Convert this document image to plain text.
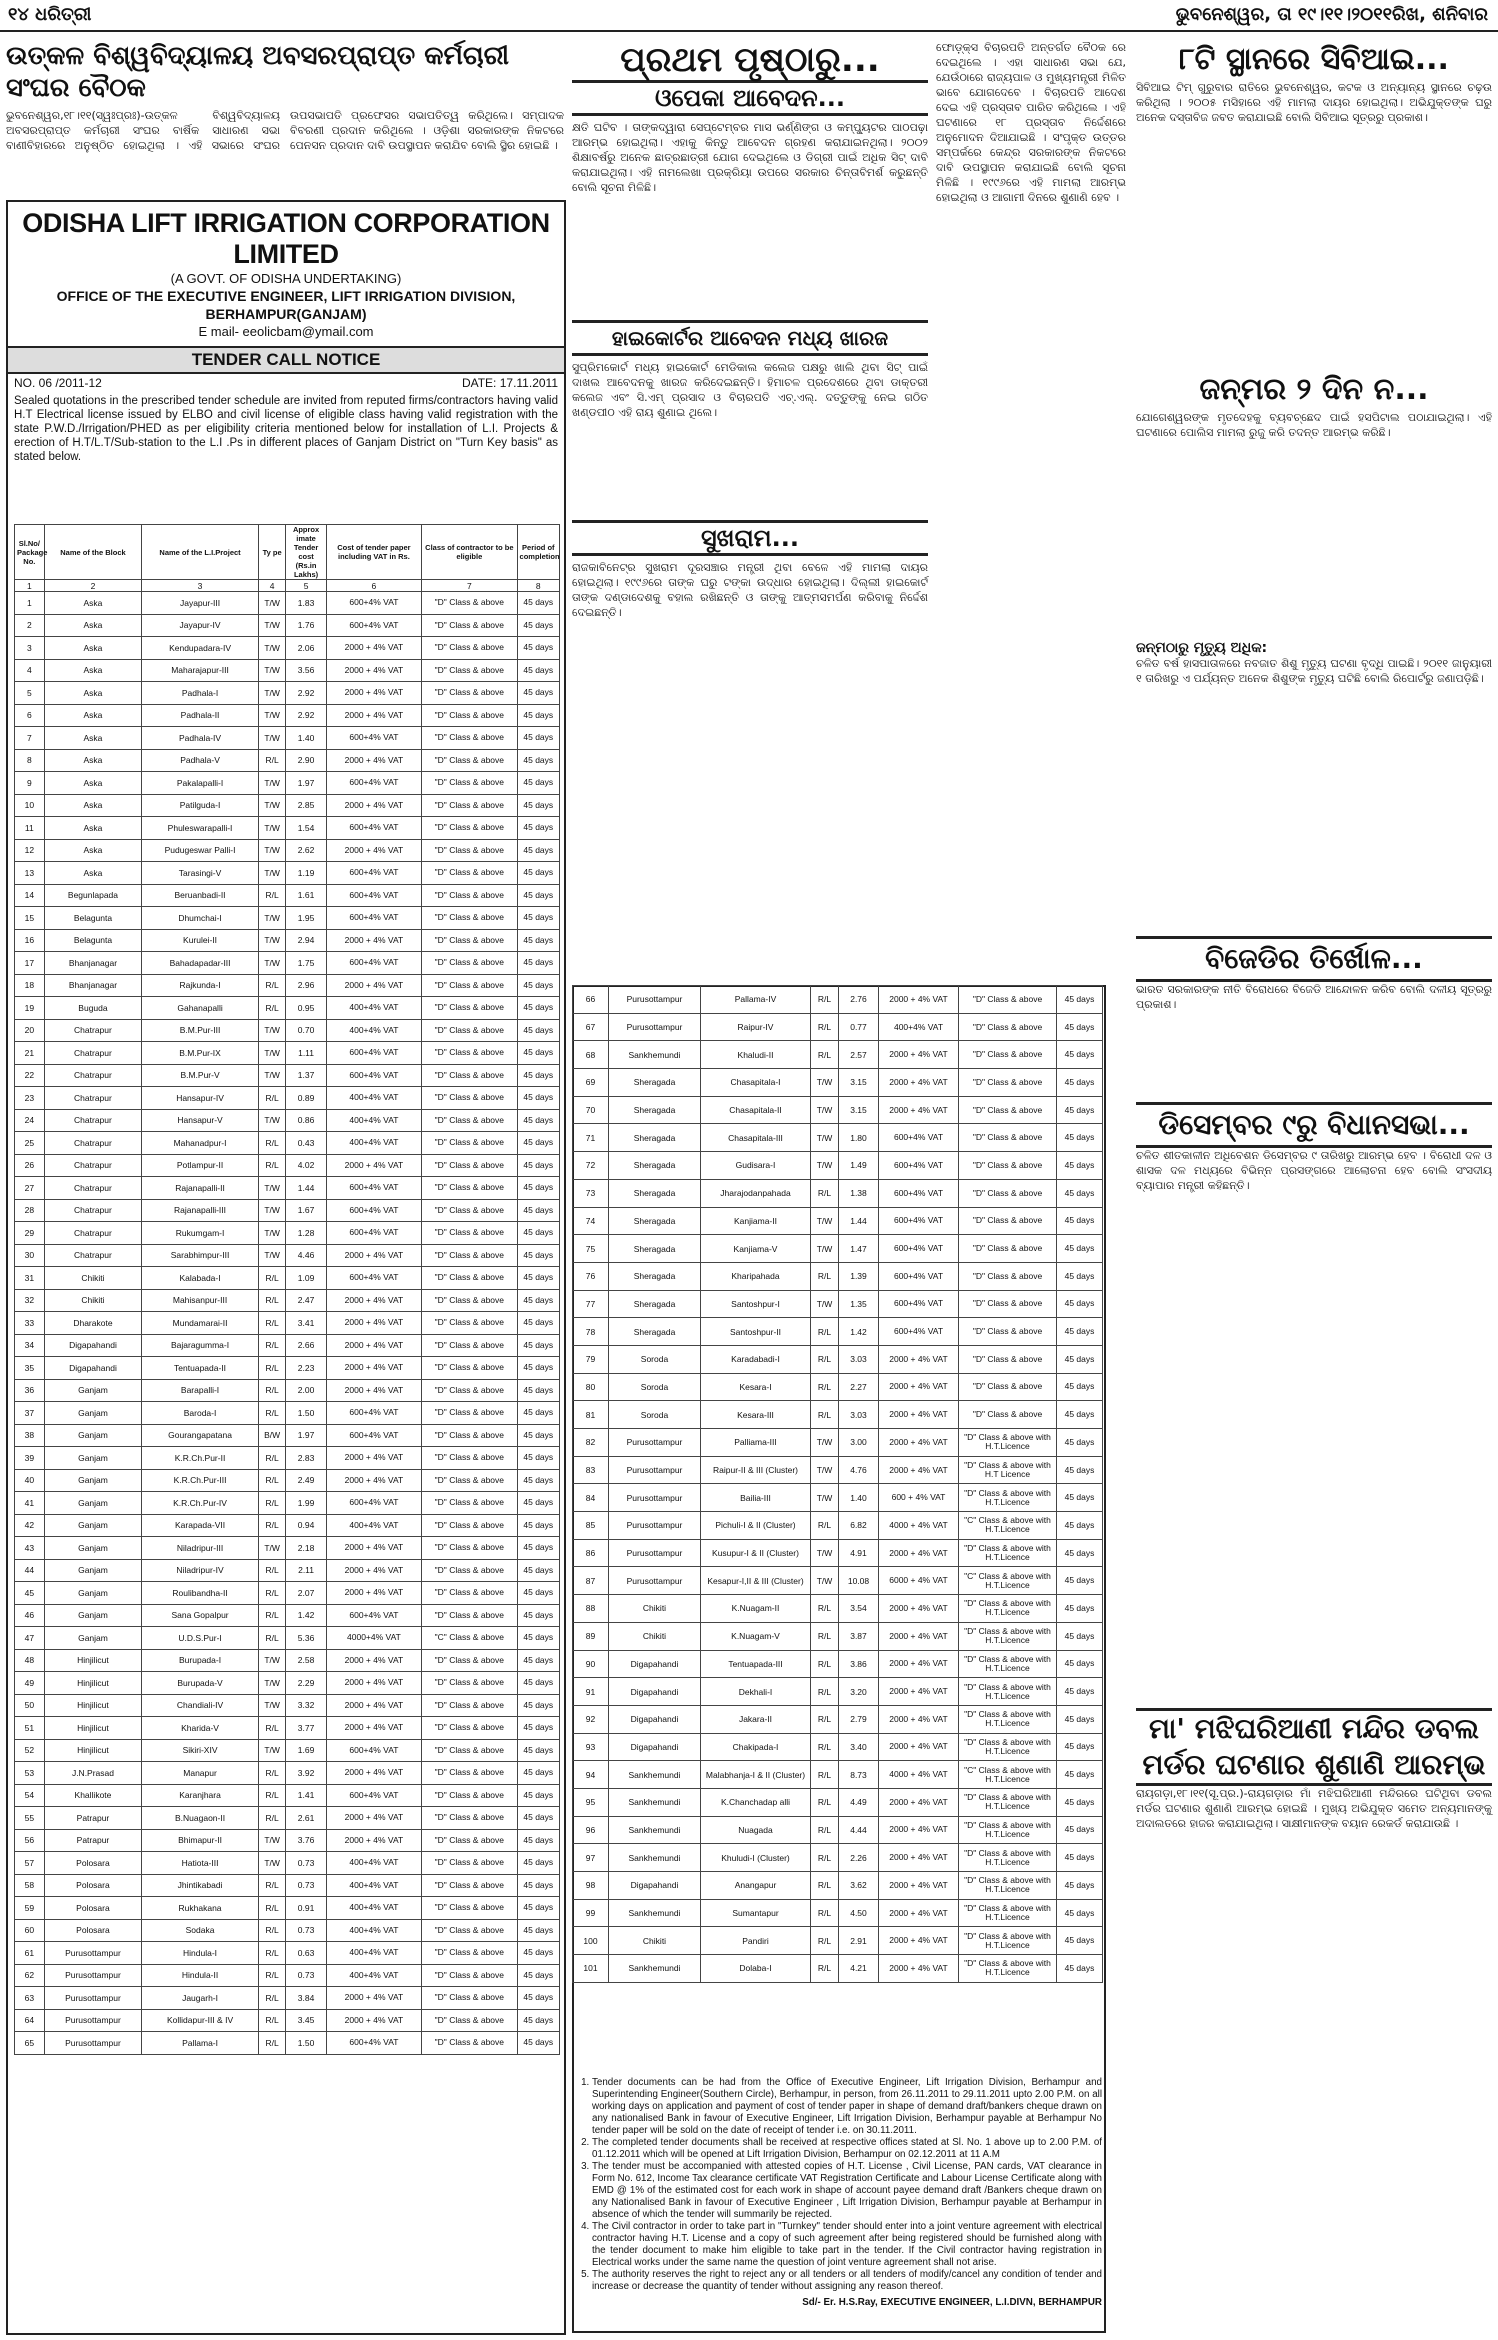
୧୪ ଧରିତ୍ରୀ	ଭୁବନେଶ୍ୱର, ତା ୧୯।୧୧।୨୦୧୧ରିଖ, ଶନିବାର
ଉତ୍କଳ ବିଶ୍ୱବିଦ୍ୟାଳୟ ଅବସରପ୍ରାପ୍ତ କର୍ମଚାରୀ ସଂଘର ବୈଠକ
ଭୁବନେଶ୍ୱର,୧୮।୧୧(ସ୍ୱଃପ୍ରଃ)-ଉତ୍କଳ ବିଶ୍ୱବିଦ୍ୟାଳୟ ଅବସରପ୍ରାପ୍ତ କର୍ମଚାରୀ ସଂଘର ବାର୍ଷିକ ସାଧାରଣ ସଭା ବାଣୀବିହାରରେ ଅନୁଷ୍ଠିତ ହୋଇଥିଲା । ଏହି ସଭାରେ ସଂଘର ଉପସଭାପତି ପ୍ରଫେସର ସଭାପତିତ୍ୱ କରିଥିଲେ। ସମ୍ପାଦକ ବିବରଣୀ ପ୍ରଦାନ କରିଥିଲେ । ଓଡ଼ିଶା ସରକାରଙ୍କ ନିକଟରେ ପେନସନ ପ୍ରଦାନ ଦାବି ଉପସ୍ଥାପନ କରାଯିବ ବୋଲି ସ୍ଥିର ହୋଇଛି ।
ODISHA LIFT IRRIGATION CORPORATION LIMITED
(A GOVT. OF ODISHA UNDERTAKING)
OFFICE OF THE EXECUTIVE ENGINEER, LIFT IRRIGATION DIVISION, BERHAMPUR(GANJAM)
E mail- eeolicbam@ymail.com
TENDER CALL NOTICE
NO. 06 /2011-12	DATE: 17.11.2011
Sealed quotations in the prescribed tender schedule are invited from reputed firms/contractors having valid H.T Electrical license issued by ELBO and civil license of eligible class having valid registration with the state P.W.D./Irrigation/PHED as per eligibility criteria mentioned below for installation of L.I. Projects & erection of H.T/L.T/Sub-station to the L.I .Ps in different places of Ganjam District on "Turn Key basis" as stated below.
Sl.No/ Package No.	Name of the Block	Name of the L.I.Project	Ty pe	Approx imate Tender cost (Rs.in Lakhs)	Cost of tender paper including VAT in Rs.	Class of contractor to be eligible	Period of completion
1	2	3	4	5	6	7	8
1	Aska	Jayapur-III	T/W	1.83	600+4% VAT	"D" Class & above	45 days
2	Aska	Jayapur-IV	T/W	1.76	600+4% VAT	"D" Class & above	45 days
3	Aska	Kendupadara-IV	T/W	2.06	2000 + 4% VAT	"D" Class & above	45 days
4	Aska	Maharajapur-III	T/W	3.56	2000 + 4% VAT	"D" Class & above	45 days
5	Aska	Padhala-I	T/W	2.92	2000 + 4% VAT	"D" Class & above	45 days
6	Aska	Padhala-II	T/W	2.92	2000 + 4% VAT	"D" Class & above	45 days
7	Aska	Padhala-IV	T/W	1.40	600+4% VAT	"D" Class & above	45 days
8	Aska	Padhala-V	R/L	2.90	2000 + 4% VAT	"D" Class & above	45 days
9	Aska	Pakalapalli-I	T/W	1.97	600+4% VAT	"D" Class & above	45 days
10	Aska	Patilguda-I	T/W	2.85	2000 + 4% VAT	"D" Class & above	45 days
11	Aska	Phuleswarapalli-I	T/W	1.54	600+4% VAT	"D" Class & above	45 days
12	Aska	Pudugeswar Palli-I	T/W	2.62	2000 + 4% VAT	"D" Class & above	45 days
13	Aska	Tarasingi-V	T/W	1.19	600+4% VAT	"D" Class & above	45 days
14	Begunlapada	Beruanbadi-II	R/L	1.61	600+4% VAT	"D" Class & above	45 days
15	Belagunta	Dhumchai-I	T/W	1.95	600+4% VAT	"D" Class & above	45 days
16	Belagunta	Kurulei-II	T/W	2.94	2000 + 4% VAT	"D" Class & above	45 days
17	Bhanjanagar	Bahadapadar-III	T/W	1.75	600+4% VAT	"D" Class & above	45 days
18	Bhanjanagar	Rajkunda-I	R/L	2.96	2000 + 4% VAT	"D" Class & above	45 days
19	Buguda	Gahanapalli	R/L	0.95	400+4% VAT	"D" Class & above	45 days
20	Chatrapur	B.M.Pur-III	T/W	0.70	400+4% VAT	"D" Class & above	45 days
21	Chatrapur	B.M.Pur-IX	T/W	1.11	600+4% VAT	"D" Class & above	45 days
22	Chatrapur	B.M.Pur-V	T/W	1.37	600+4% VAT	"D" Class & above	45 days
23	Chatrapur	Hansapur-IV	R/L	0.89	400+4% VAT	"D" Class & above	45 days
24	Chatrapur	Hansapur-V	T/W	0.86	400+4% VAT	"D" Class & above	45 days
25	Chatrapur	Mahanadpur-I	R/L	0.43	400+4% VAT	"D" Class & above	45 days
26	Chatrapur	Potlampur-II	R/L	4.02	2000 + 4% VAT	"D" Class & above	45 days
27	Chatrapur	Rajanapalli-II	T/W	1.44	600+4% VAT	"D" Class & above	45 days
28	Chatrapur	Rajanapalli-III	T/W	1.67	600+4% VAT	"D" Class & above	45 days
29	Chatrapur	Rukumgam-I	T/W	1.28	600+4% VAT	"D" Class & above	45 days
30	Chatrapur	Sarabhimpur-III	T/W	4.46	2000 + 4% VAT	"D" Class & above	45 days
31	Chikiti	Kalabada-I	R/L	1.09	600+4% VAT	"D" Class & above	45 days
32	Chikiti	Mahisanpur-III	R/L	2.47	2000 + 4% VAT	"D" Class & above	45 days
33	Dharakote	Mundamarai-II	R/L	3.41	2000 + 4% VAT	"D" Class & above	45 days
34	Digapahandi	Bajaragumma-I	R/L	2.66	2000 + 4% VAT	"D" Class & above	45 days
35	Digapahandi	Tentuapada-II	R/L	2.23	2000 + 4% VAT	"D" Class & above	45 days
36	Ganjam	Barapalli-I	R/L	2.00	2000 + 4% VAT	"D" Class & above	45 days
37	Ganjam	Baroda-I	R/L	1.50	600+4% VAT	"D" Class & above	45 days
38	Ganjam	Gourangapatana	B/W	1.97	600+4% VAT	"D" Class & above	45 days
39	Ganjam	K.R.Ch.Pur-II	R/L	2.83	2000 + 4% VAT	"D" Class & above	45 days
40	Ganjam	K.R.Ch.Pur-III	R/L	2.49	2000 + 4% VAT	"D" Class & above	45 days
41	Ganjam	K.R.Ch.Pur-IV	R/L	1.99	600+4% VAT	"D" Class & above	45 days
42	Ganjam	Karapada-VII	R/L	0.94	400+4% VAT	"D" Class & above	45 days
43	Ganjam	Niladripur-III	T/W	2.18	2000 + 4% VAT	"D" Class & above	45 days
44	Ganjam	Niladripur-IV	R/L	2.11	2000 + 4% VAT	"D" Class & above	45 days
45	Ganjam	Roulibandha-II	R/L	2.07	2000 + 4% VAT	"D" Class & above	45 days
46	Ganjam	Sana Gopalpur	R/L	1.42	600+4% VAT	"D" Class & above	45 days
47	Ganjam	U.D.S.Pur-I	R/L	5.36	4000+4% VAT	"C" Class & above	45 days
48	Hinjilicut	Burupada-I	T/W	2.58	2000 + 4% VAT	"D" Class & above	45 days
49	Hinjilicut	Burupada-V	T/W	2.29	2000 + 4% VAT	"D" Class & above	45 days
50	Hinjilicut	Chandiali-IV	T/W	3.32	2000 + 4% VAT	"D" Class & above	45 days
51	Hinjilicut	Kharida-V	R/L	3.77	2000 + 4% VAT	"D" Class & above	45 days
52	Hinjilicut	Sikiri-XIV	T/W	1.69	600+4% VAT	"D" Class & above	45 days
53	J.N.Prasad	Manapur	R/L	3.92	2000 + 4% VAT	"D" Class & above	45 days
54	Khallikote	Karanjhara	R/L	1.41	600+4% VAT	"D" Class & above	45 days
55	Patrapur	B.Nuagaon-II	R/L	2.61	2000 + 4% VAT	"D" Class & above	45 days
56	Patrapur	Bhimapur-II	T/W	3.76	2000 + 4% VAT	"D" Class & above	45 days
57	Polosara	Hatiota-III	T/W	0.73	400+4% VAT	"D" Class & above	45 days
58	Polosara	Jhintikabadi	R/L	0.73	400+4% VAT	"D" Class & above	45 days
59	Polosara	Rukhakana	R/L	0.91	400+4% VAT	"D" Class & above	45 days
60	Polosara	Sodaka	R/L	0.73	400+4% VAT	"D" Class & above	45 days
61	Purusottampur	Hindula-I	R/L	0.63	400+4% VAT	"D" Class & above	45 days
62	Purusottampur	Hindula-II	R/L	0.73	400+4% VAT	"D" Class & above	45 days
63	Purusottampur	Jaugarh-I	R/L	3.84	2000 + 4% VAT	"D" Class & above	45 days
64	Purusottampur	Kollidapur-III & IV	R/L	3.45	2000 + 4% VAT	"D" Class & above	45 days
65	Purusottampur	Pallama-I	R/L	1.50	600+4% VAT	"D" Class & above	45 days
ପ୍ରଥମ ପୃଷ୍ଠାରୁ...
ଓପେକା ଆବେଦନ...
କ୍ଷତି ଘଟିବ । ତାଙ୍କଦ୍ୱାରା ସେପ୍ଟେମ୍ବର ମାସ ଭର୍ଣ୍ଣିଙ୍ଗ ଓ କମ୍ପ୍ୟୁଟର ପାଠପଢ଼ା ଆରମ୍ଭ ହୋଇଥିଲା। ଏହାକୁ କିନ୍ତୁ ଆବେଦନ ଗ୍ରହଣ କରାଯାଇନଥିଲା। ୨୦୦୨ ଶିକ୍ଷାବର୍ଷରୁ ଅନେକ ଛାତ୍ରଛାତ୍ରୀ ଯୋଗ ଦେଇଥିଲେ ଓ ଡିଗ୍ରୀ ପାଇଁ ଅଧିକ ସିଟ୍ ଦାବି କରାଯାଇଥିଲା। ଏହି ନାମଲେଖା ପ୍ରକ୍ରିୟା ଉପରେ ସରକାର ଚିନ୍ତାବିମର୍ଶ କରୁଛନ୍ତି ବୋଲି ସୂଚନା ମିଳିଛି।
ହାଇକୋର୍ଟର ଆବେଦନ ମଧ୍ୟ ଖାରଜ
ସୁପ୍ରିମକୋର୍ଟ ମଧ୍ୟ ହାଇକୋର୍ଟ ମେଡିକାଲ କଲେଜ ପକ୍ଷରୁ ଖାଲି ଥିବା ସିଟ୍ ପାଇଁ ଦାଖଲ ଆବେଦନକୁ ଖାରଜ କରିଦେଇଛନ୍ତି। ହିମାଚଳ ପ୍ରଦେଶରେ ଥିବା ଡାକ୍ତରୀ କଲେଜ ଏବଂ ସି.ଏମ୍ ପ୍ରସାଦ ଓ ବିଚାରପତି ଏଚ୍.ଏଲ୍. ଦତ୍ତୁଙ୍କୁ ନେଇ ଗଠିତ ଖଣ୍ଡପୀଠ ଏହି ରାୟ ଶୁଣାଇ ଥିଲେ।
ସୁଖରାମ...
ରାଜକାବିନେଟ୍‌ର ସୁଖରାମ ଦୂରସଞ୍ଚାର ମନ୍ତ୍ରୀ ଥିବା ବେଳେ ଏହି ମାମଲା ଦାୟର ହୋଇଥିଲା। ୧୯୯୬ରେ ତାଙ୍କ ଘରୁ ଟଙ୍କା ଉଦ୍ଧାର ହୋଇଥିଲା। ଦିଲ୍ଲୀ ହାଇକୋର୍ଟ ତାଙ୍କ ଦଣ୍ଡାଦେଶକୁ ବହାଲ ରଖିଛନ୍ତି ଓ ତାଙ୍କୁ ଆତ୍ମସମର୍ପଣ କରିବାକୁ ନିର୍ଦ୍ଦେଶ ଦେଇଛନ୍ତି।
ଫୋଡ଼୍‌କ୍ସ ବିଚାରପତି ଅନ୍ତର୍ଗତ ବୈଠକ ରେ ଦେଇଥିଲେ । ଏହା ସାଧାରଣ ସଭା ଯେ, ଯେଉଁଠାରେ ରାଜ୍ୟପାଳ ଓ ମୁଖ୍ୟମନ୍ତ୍ରୀ ମିଳିତ ଭାବେ ଯୋଗଦେବେ । ବିଚାରପତି ଆଦେଶ ଦେଇ ଏହି ପ୍ରସ୍ତାବ ପାରିତ କରିଥିଲେ । ଏହି ଘଟଣାରେ ୧୮ ପ୍ରସ୍ତାବ ନିର୍ଦ୍ଦେଶରେ ଅନୁମୋଦନ ଦିଆଯାଇଛି । ସଂପୃକ୍ତ ଉତ୍ତର ସମ୍ପର୍କରେ କେନ୍ଦ୍ର ସରକାରଙ୍କ ନିକଟରେ ଦାବି ଉପସ୍ଥାପନ କରାଯାଇଛି ବୋଲି ସୂଚନା ମିଳିଛି । ୧୯୯୬ରେ ଏହି ମାମଲା ଆରମ୍ଭ ହୋଇଥିଲା ଓ ଆଗାମୀ ଦିନରେ ଶୁଣାଣି ହେବ ।
66	Purusottampur	Pallama-IV	R/L	2.76	2000 + 4% VAT	"D" Class & above	45 days
67	Purusottampur	Raipur-IV	R/L	0.77	400+4% VAT	"D" Class & above	45 days
68	Sankhemundi	Khaludi-II	R/L	2.57	2000 + 4% VAT	"D" Class & above	45 days
69	Sheragada	Chasapitala-I	T/W	3.15	2000 + 4% VAT	"D" Class & above	45 days
70	Sheragada	Chasapitala-II	T/W	3.15	2000 + 4% VAT	"D" Class & above	45 days
71	Sheragada	Chasapitala-III	T/W	1.80	600+4% VAT	"D" Class & above	45 days
72	Sheragada	Gudisara-I	T/W	1.49	600+4% VAT	"D" Class & above	45 days
73	Sheragada	Jharajodanpahada	R/L	1.38	600+4% VAT	"D" Class & above	45 days
74	Sheragada	Kanjiama-II	T/W	1.44	600+4% VAT	"D" Class & above	45 days
75	Sheragada	Kanjiama-V	T/W	1.47	600+4% VAT	"D" Class & above	45 days
76	Sheragada	Kharipahada	R/L	1.39	600+4% VAT	"D" Class & above	45 days
77	Sheragada	Santoshpur-I	T/W	1.35	600+4% VAT	"D" Class & above	45 days
78	Sheragada	Santoshpur-II	R/L	1.42	600+4% VAT	"D" Class & above	45 days
79	Soroda	Karadabadi-I	R/L	3.03	2000 + 4% VAT	"D" Class & above	45 days
80	Soroda	Kesara-I	R/L	2.27	2000 + 4% VAT	"D" Class & above	45 days
81	Soroda	Kesara-III	R/L	3.03	2000 + 4% VAT	"D" Class & above	45 days
82	Purusottampur	Palliama-III	T/W	3.00	2000 + 4% VAT	"D" Class & above with H.T.Licence	45 days
83	Purusottampur	Raipur-II & III (Cluster)	T/W	4.76	2000 + 4% VAT	"D" Class & above with H.T Licence	45 days
84	Purusottampur	Bailia-III	T/W	1.40	600 + 4% VAT	"D" Class & above with H.T.Licence	45 days
85	Purusottampur	Pichuli-I & II (Cluster)	R/L	6.82	4000 + 4% VAT	"C" Class & above with H.T.Licence	45 days
86	Purusottampur	Kusupur-I & II (Cluster)	T/W	4.91	2000 + 4% VAT	"D" Class & above with H.T.Licence	45 days
87	Purusottampur	Kesapur-I,II & III (Cluster)	T/W	10.08	6000 + 4% VAT	"C" Class & above with H.T.Licence	45 days
88	Chikiti	K.Nuagam-II	R/L	3.54	2000 + 4% VAT	"D" Class & above with H.T.Licence	45 days
89	Chikiti	K.Nuagam-V	R/L	3.87	2000 + 4% VAT	"D" Class & above with H.T.Licence	45 days
90	Digapahandi	Tentuapada-III	R/L	3.86	2000 + 4% VAT	"D" Class & above with H.T.Licence	45 days
91	Digapahandi	Dekhali-I	R/L	3.20	2000 + 4% VAT	"D" Class & above with H.T.Licence	45 days
92	Digapahandi	Jakara-II	R/L	2.79	2000 + 4% VAT	"D" Class & above with H.T.Licence	45 days
93	Digapahandi	Chakipada-I	R/L	3.40	2000 + 4% VAT	"D" Class & above with H.T.Licence	45 days
94	Sankhemundi	Malabhanja-I & II (Cluster)	R/L	8.73	4000 + 4% VAT	"C" Class & above with H.T.Licence	45 days
95	Sankhemundi	K.Chanchadap alli	R/L	4.49	2000 + 4% VAT	"D" Class & above with H.T.Licence	45 days
96	Sankhemundi	Nuagada	R/L	4.44	2000 + 4% VAT	"D" Class & above with H.T.Licence	45 days
97	Sankhemundi	Khuludi-I (Cluster)	R/L	2.26	2000 + 4% VAT	"D" Class & above with H.T.Licence	45 days
98	Digapahandi	Anangapur	R/L	3.62	2000 + 4% VAT	"D" Class & above with H.T.Licence	45 days
99	Sankhemundi	Sumantapur	R/L	4.50	2000 + 4% VAT	"D" Class & above with H.T.Licence	45 days
100	Chikiti	Pandiri	R/L	2.91	2000 + 4% VAT	"D" Class & above with H.T.Licence	45 days
101	Sankhemundi	Dolaba-I	R/L	4.21	2000 + 4% VAT	"D" Class & above with H.T.Licence	45 days
1. Tender documents can be had from the Office of Executive Engineer, Lift Irrigation Division, Berhampur and Superintending Engineer(Southern Circle), Berhampur, in person, from 26.11.2011 to 29.11.2011 upto 2.00 P.M. on all working days on application and payment of cost of tender paper in shape of demand draft/bankers cheque drawn on any nationalised Bank in favour of Executive Engineer, Lift Irrigation Division, Berhampur payable at Berhampur No tender paper will be sold on the date of receipt of tender i.e. on 30.11.2011.
2. The completed tender documents shall be received at respective offices stated at Sl. No. 1 above up to 2.00 P.M. of 01.12.2011 which will be opened at Lift Irrigation Division, Berhampur on 02.12.2011 at 11 A.M
3. The tender must be accompanied with attested copies of H.T. License , Civil License, PAN cards, VAT clearance in Form No. 612, Income Tax clearance certificate VAT Registration Certificate and Labour License Certificate along with EMD @ 1% of the estimated cost for each work in shape of account payee demand draft /Bankers cheque drawn on any Nationalised Bank in favour of Executive Engineer , Lift Irrigation Division, Berhampur payable at Berhampur in absence of which the tender will summarily be rejected.
4. The Civil contractor in order to take part in "Turnkey" tender should enter into a joint venture agreement with electrical contractor having H.T. License and a copy of such agreement after being registered should be furnished along with the tender document to make him eligible to take part in the tender. If the Civil contractor having registration in Electrical works under the same name the question of joint venture agreement shall not arise.
5. The authority reserves the right to reject any or all tenders or all tenders of modify/cancel any condition of tender and increase or decrease the quantity of tender without assigning any reason thereof.
Sd/- Er. H.S.Ray, EXECUTIVE ENGINEER, L.I.DIVN, BERHAMPUR
୮ଟି ସ୍ଥାନରେ ସିବିଆଇ...
ସିବିଆଇ ଟିମ୍ ଗୁରୁବାର ରାତିରେ ଭୁବନେଶ୍ୱର, କଟକ ଓ ଅନ୍ୟାନ୍ୟ ସ୍ଥାନରେ ଚଢ଼ଉ କରିଥିଲା । ୨୦୦୫ ମସିହାରେ ଏହି ମାମଲା ଦାୟର ହୋଇଥିଲା। ଅଭିଯୁକ୍ତଙ୍କ ଘରୁ ଅନେକ ଦସ୍ତାବିଜ ଜବତ କରାଯାଇଛି ବୋଲି ସିବିଆଇ ସୂତ୍ରରୁ ପ୍ରକାଶ।
ଜନ୍ମର ୨ ଦିନ ନ...
ଯୋଗେଶ୍ୱରଙ୍କ ମୃତଦେହକୁ ବ୍ୟବଚ୍ଛେଦ ପାଇଁ ହସପିଟାଲ ପଠାଯାଇଥିଲା। ଏହି ଘଟଣାରେ ପୋଲିସ ମାମଲା ରୁଜୁ କରି ତଦନ୍ତ ଆରମ୍ଭ କରିଛି।
ଜନ୍ମଠାରୁ ମୃତ୍ୟୁ ଅଧିକ:
ଚଳିତ ବର୍ଷ ହାସପାତାଳରେ ନବଜାତ ଶିଶୁ ମୃତ୍ୟୁ ଘଟଣା ବୃଦ୍ଧି ପାଇଛି। ୨୦୧୧ ଜାନୁୟାରୀ ୧ ତାରିଖରୁ ଏ ପର୍ଯ୍ୟନ୍ତ ଅନେକ ଶିଶୁଙ୍କ ମୃତ୍ୟୁ ଘଟିଛି ବୋଲି ରିପୋର୍ଟରୁ ଜଣାପଡ଼ିଛି।
ବିଜେଡିର ତିର୍ଖୋଳ...
ଭାରତ ସରକାରଙ୍କ ନୀତି ବିରୋଧରେ ବିଜେଡି ଆନ୍ଦୋଳନ କରିବ ବୋଲି ଦଳୀୟ ସୂତ୍ରରୁ ପ୍ରକାଶ।
ଡିସେମ୍ବର ୯ରୁ ବିଧାନସଭା...
ଚଳିତ ଶୀତକାଳୀନ ଅଧିବେଶନ ଡିସେମ୍ବର ୯ ତାରିଖରୁ ଆରମ୍ଭ ହେବ । ବିରୋଧୀ ଦଳ ଓ ଶାସକ ଦଳ ମଧ୍ୟରେ ବିଭିନ୍ନ ପ୍ରସଙ୍ଗରେ ଆଲୋଚନା ହେବ ବୋଲି ସଂସଦୀୟ ବ୍ୟାପାର ମନ୍ତ୍ରୀ କହିଛନ୍ତି।
ମା' ମଝିଘରିଆଣୀ ମନ୍ଦିର ଡବଲ ମର୍ଡର ଘଟଣାର ଶୁଣାଣି ଆରମ୍ଭ
ରାୟଗଡ଼ା,୧୮।୧୧(ସୂ.ପ୍ର.)-ରାୟଗଡ଼ାର ମାଁ ମଝିଘରିଆଣୀ ମନ୍ଦିରରେ ଘଟିଥିବା ଡବଲ ମର୍ଡର ଘଟଣାର ଶୁଣାଣି ଆରମ୍ଭ ହୋଇଛି । ମୁଖ୍ୟ ଅଭିଯୁକ୍ତ ସମେତ ଅନ୍ୟମାନଙ୍କୁ ଅଦାଲତରେ ହାଜର କରାଯାଇଥିଲା। ସାକ୍ଷୀମାନଙ୍କ ବୟାନ ରେକର୍ଡ କରାଯାଉଛି ।
